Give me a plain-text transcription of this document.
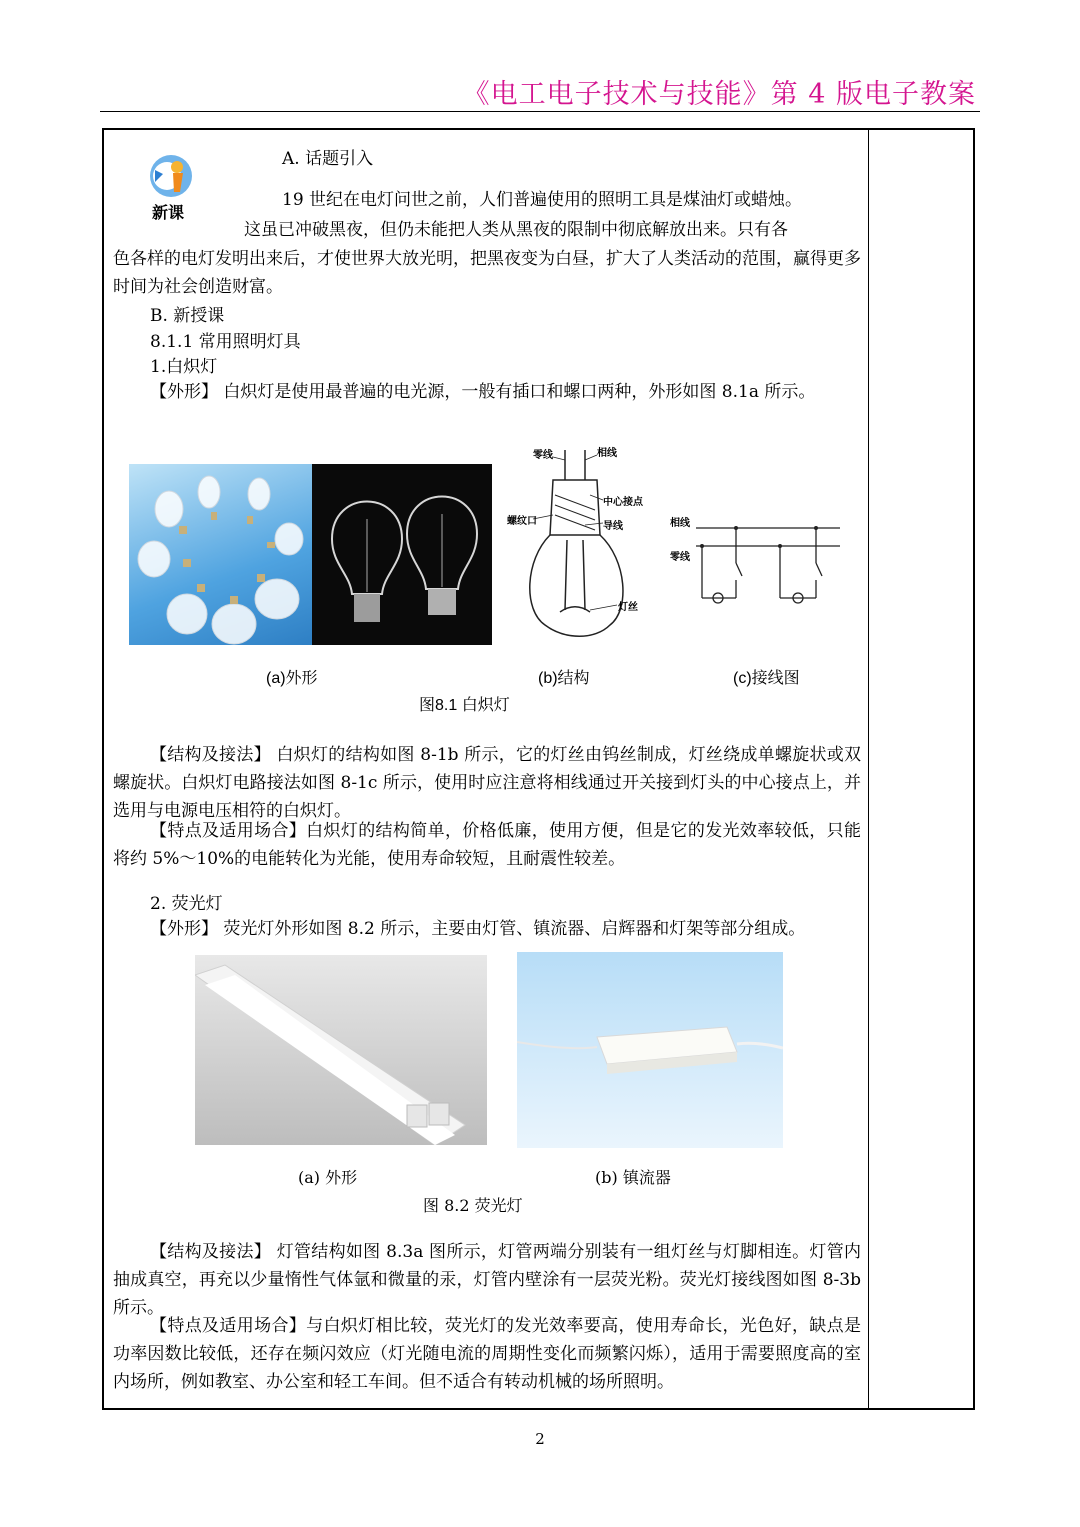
《电工电子技术与技能》第 4 版电子教案
新课
A. 话题引入
19 世纪在电灯问世之前，人们普遍使用的照明工具是煤油灯或蜡烛。
这虽已冲破黑夜，但仍未能把人类从黑夜的限制中彻底解放出来。只有各
色各样的电灯发明出来后，才使世界大放光明，把黑夜变为白昼，扩大了人类活动的范围，赢得更多时间为社会创造财富。
B. 新授课
8.1.1 常用照明灯具
1.白炽灯
【外形】 白炽灯是使用最普遍的电光源，一般有插口和螺口两种，外形如图 8.1a 所示。
零线	相线
中心接点
螺纹口	导线
灯丝
相线
零线
(a)外形	(b)结构	(c)接线图
图8.1 白炽灯
【结构及接法】 白炽灯的结构如图 8-1b 所示，它的灯丝由钨丝制成，灯丝绕成单螺旋状或双螺旋状。白炽灯电路接法如图 8-1c 所示，使用时应注意将相线通过开关接到灯头的中心接点上，并选用与电源电压相符的白炽灯。
【特点及适用场合】白炽灯的结构简单，价格低廉，使用方便，但是它的发光效率较低，只能将约 5%～10%的电能转化为光能，使用寿命较短，且耐震性较差。
2. 荧光灯
【外形】 荧光灯外形如图 8.2 所示，主要由灯管、镇流器、启辉器和灯架等部分组成。
(a) 外形	(b) 镇流器
图 8.2 荧光灯
【结构及接法】 灯管结构如图 8.3a 图所示，灯管两端分别装有一组灯丝与灯脚相连。灯管内抽成真空，再充以少量惰性气体氩和微量的汞，灯管内壁涂有一层荧光粉。荧光灯接线图如图 8-3b 所示。
【特点及适用场合】与白炽灯相比较，荧光灯的发光效率要高，使用寿命长，光色好，缺点是功率因数比较低，还存在频闪效应（灯光随电流的周期性变化而频繁闪烁），适用于需要照度高的室内场所，例如教室、办公室和轻工车间。但不适合有转动机械的场所照明。
2
